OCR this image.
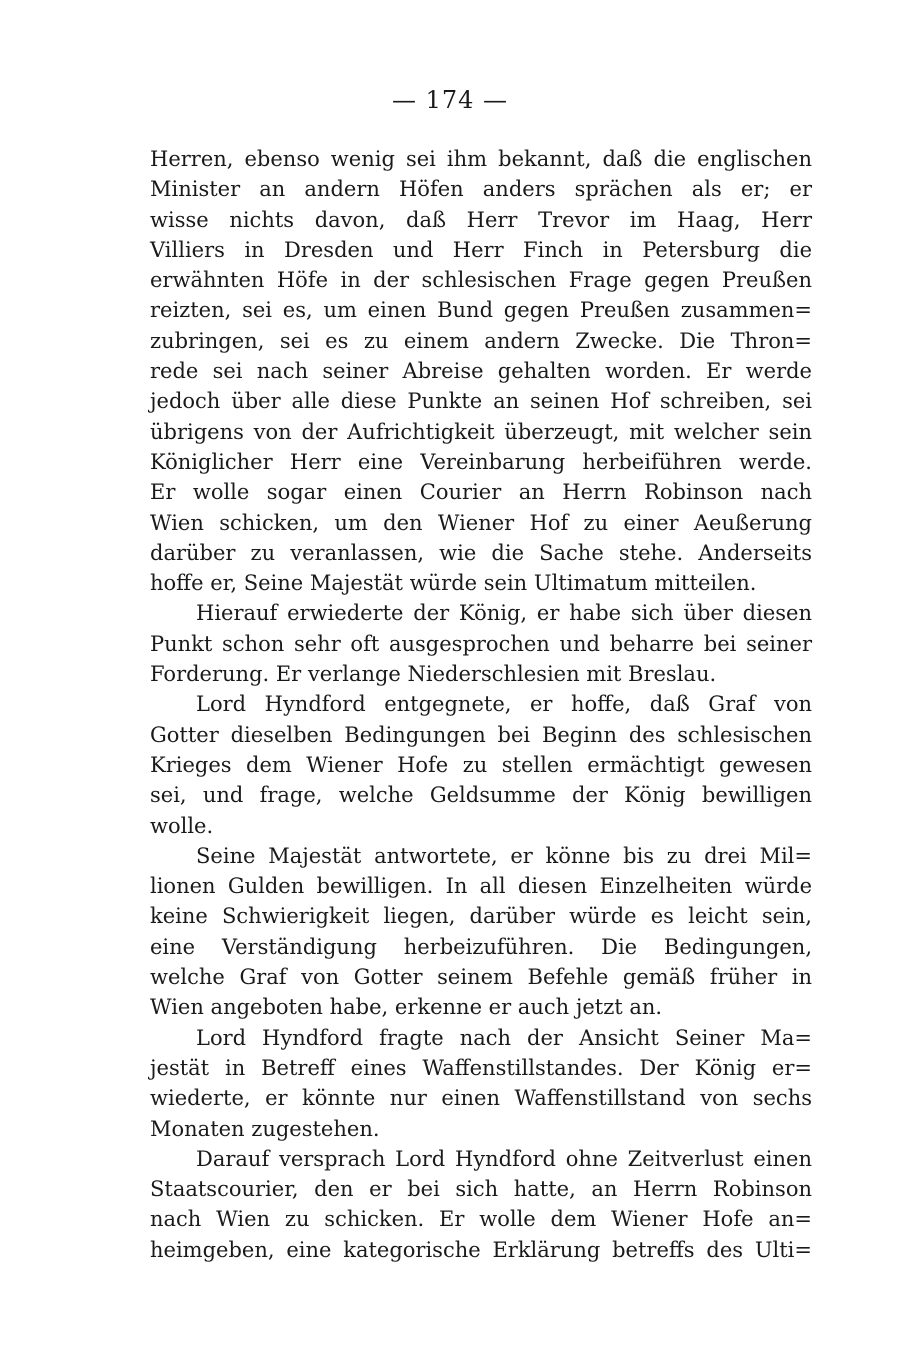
— 174 —
Herren, ebenso wenig sei ihm bekannt, daß die englischen
Minister an andern Höfen anders sprächen als er; er
wisse nichts davon, daß Herr Trevor im Haag, Herr
Villiers in Dresden und Herr Finch in Petersburg die
erwähnten Höfe in der schlesischen Frage gegen Preußen
reizten, sei es, um einen Bund gegen Preußen zusammen=
zubringen, sei es zu einem andern Zwecke. Die Thron=
rede sei nach seiner Abreise gehalten worden. Er werde
jedoch über alle diese Punkte an seinen Hof schreiben, sei
übrigens von der Aufrichtigkeit überzeugt, mit welcher sein
Königlicher Herr eine Vereinbarung herbeiführen werde.
Er wolle sogar einen Courier an Herrn Robinson nach
Wien schicken, um den Wiener Hof zu einer Aeußerung
darüber zu veranlassen, wie die Sache stehe. Anderseits
hoffe er, Seine Majestät würde sein Ultimatum mitteilen.
Hierauf erwiederte der König, er habe sich über diesen
Punkt schon sehr oft ausgesprochen und beharre bei seiner
Forderung. Er verlange Niederschlesien mit Breslau.
Lord Hyndford entgegnete, er hoffe, daß Graf von
Gotter dieselben Bedingungen bei Beginn des schlesischen
Krieges dem Wiener Hofe zu stellen ermächtigt gewesen
sei, und frage, welche Geldsumme der König bewilligen
wolle.
Seine Majestät antwortete, er könne bis zu drei Mil=
lionen Gulden bewilligen. In all diesen Einzelheiten würde
keine Schwierigkeit liegen, darüber würde es leicht sein,
eine Verständigung herbeizuführen. Die Bedingungen,
welche Graf von Gotter seinem Befehle gemäß früher in
Wien angeboten habe, erkenne er auch jetzt an.
Lord Hyndford fragte nach der Ansicht Seiner Ma=
jestät in Betreff eines Waffenstillstandes. Der König er=
wiederte, er könnte nur einen Waffenstillstand von sechs
Monaten zugestehen.
Darauf versprach Lord Hyndford ohne Zeitverlust einen
Staatscourier, den er bei sich hatte, an Herrn Robinson
nach Wien zu schicken. Er wolle dem Wiener Hofe an=
heimgeben, eine kategorische Erklärung betreffs des Ulti=
